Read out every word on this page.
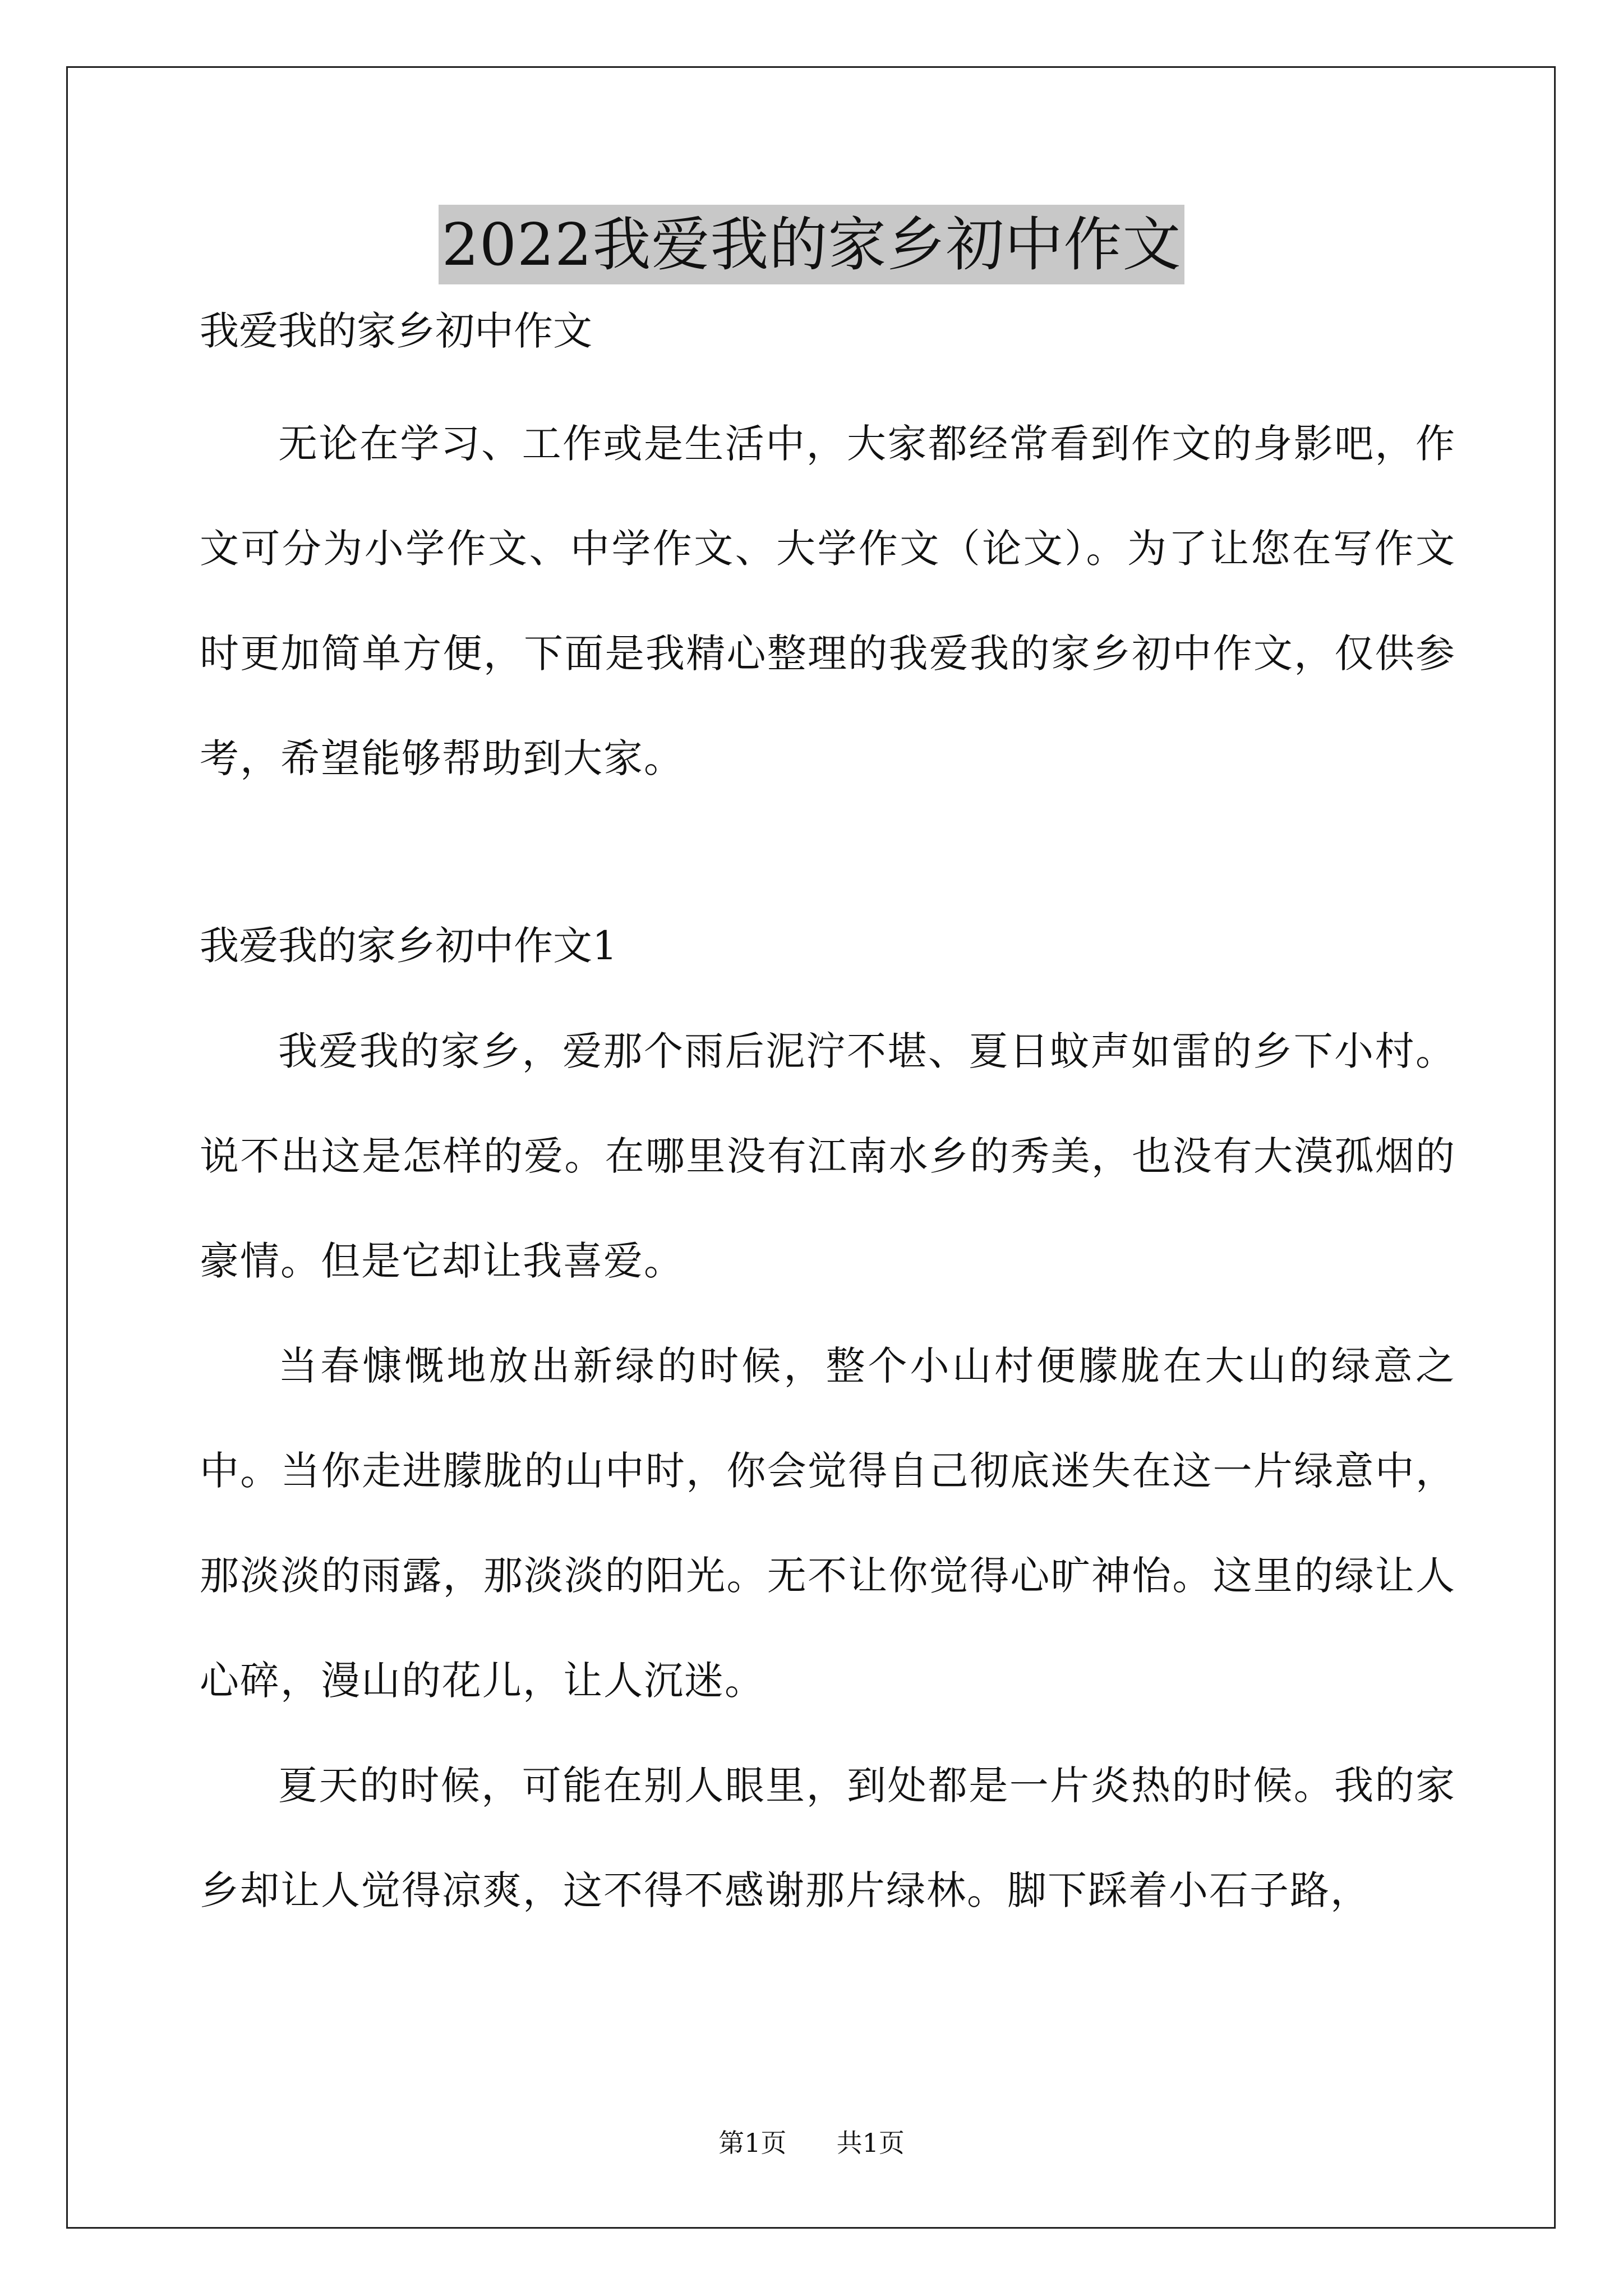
2022我爱我的家乡初中作文

我爱我的家乡初中作文

无论在学习、工作或是生活中，大家都经常看到作文的身影吧，作文可分为小学作文、中学作文、大学作文（论文）。为了让您在写作文时更加简单方便，下面是我精心整理的我爱我的家乡初中作文，仅供参考，希望能够帮助到大家。

我爱我的家乡初中作文1

我爱我的家乡，爱那个雨后泥泞不堪、夏日蚊声如雷的乡下小村。说不出这是怎样的爱。在哪里没有江南水乡的秀美，也没有大漠孤烟的豪情。但是它却让我喜爱。

当春慷慨地放出新绿的时候，整个小山村便朦胧在大山的绿意之中。当你走进朦胧的山中时，你会觉得自己彻底迷失在这一片绿意中，那淡淡的雨露，那淡淡的阳光。无不让你觉得心旷神怡。这里的绿让人心碎，漫山的花儿，让人沉迷。

夏天的时候，可能在别人眼里，到处都是一片炎热的时候。我的家乡却让人觉得凉爽，这不得不感谢那片绿林。脚下踩着小石子路，

第1页 共1页
